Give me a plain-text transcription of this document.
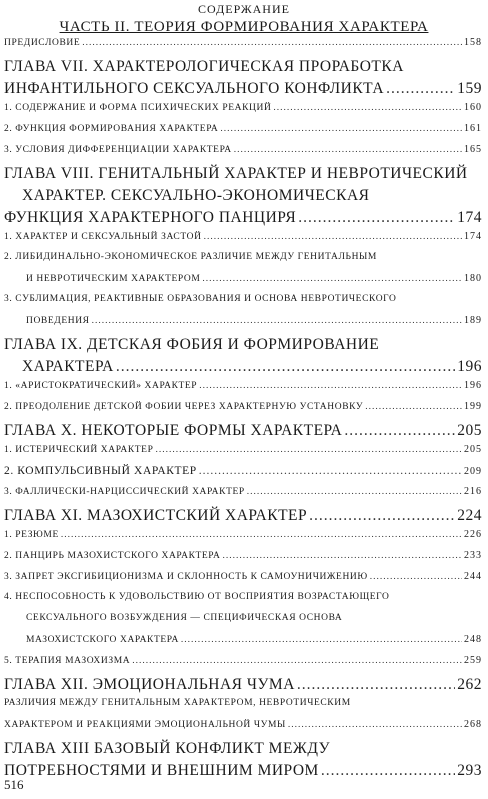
СОДЕРЖАНИЕ
ЧАСТЬ II. ТЕОРИЯ ФОРМИРОВАНИЯ ХАРАКТЕРА
ПРЕДИСЛОВИЕ .....	158
ГЛАВА VII. ХАРАКТЕРОЛОГИЧЕСКАЯ ПРОРАБОТКА
ИНФАНТИЛЬНОГО СЕКСУАЛЬНОГО КОНФЛИКТА .....	159
1. СОДЕРЖАНИЕ И ФОРМА ПСИХИЧЕСКИХ РЕАКЦИЙ .....	160
2. ФУНКЦИЯ ФОРМИРОВАНИЯ ХАРАКТЕРА .....	161
3. УСЛОВИЯ ДИФФЕРЕНЦИАЦИИ ХАРАКТЕРА .....	165
ГЛАВА VIII. ГЕНИТАЛЬНЫЙ ХАРАКТЕР И НЕВРОТИЧЕСКИЙ
ХАРАКТЕР. СЕКСУАЛЬНО-ЭКОНОМИЧЕСКАЯ
ФУНКЦИЯ ХАРАКТЕРНОГО ПАНЦИРЯ .....	174
1. ХАРАКТЕР И СЕКСУАЛЬНЫЙ ЗАСТОЙ .....	174
2. ЛИБИДИНАЛЬНО-ЭКОНОМИЧЕСКОЕ РАЗЛИЧИЕ МЕЖДУ ГЕНИТАЛЬНЫМ
И НЕВРОТИЧЕСКИМ ХАРАКТЕРОМ .....	180
3. СУБЛИМАЦИЯ, РЕАКТИВНЫЕ ОБРАЗОВАНИЯ И ОСНОВА НЕВРОТИЧЕСКОГО
ПОВЕДЕНИЯ .....	189
ГЛАВА IX. ДЕТСКАЯ ФОБИЯ И ФОРМИРОВАНИЕ
ХАРАКТЕРА .....	196
1. «АРИСТОКРАТИЧЕСКИЙ» ХАРАКТЕР .....	196
2. ПРЕОДОЛЕНИЕ ДЕТСКОЙ ФОБИИ ЧЕРЕЗ ХАРАКТЕРНУЮ УСТАНОВКУ .....	199
ГЛАВА X. НЕКОТОРЫЕ ФОРМЫ ХАРАКТЕРА .....	205
1. ИСТЕРИЧЕСКИЙ ХАРАКТЕР .....	205
2. КОМПУЛЬСИВНЫЙ ХАРАКТЕР .....	209
3. ФАЛЛИЧЕСКИ-НАРЦИССИЧЕСКИЙ ХАРАКТЕР .....	216
ГЛАВА XI. МАЗОХИСТСКИЙ ХАРАКТЕР .....	224
1. РЕЗЮМЕ .....	226
2. ПАНЦИРЬ МАЗОХИСТСКОГО ХАРАКТЕРА .....	233
3. ЗАПРЕТ ЭКСГИБИЦИОНИЗМА И СКЛОННОСТЬ К САМОУНИЧИЖЕНИЮ .....	244
4. НЕСПОСОБНОСТЬ К УДОВОЛЬСТВИЮ ОТ ВОСПРИЯТИЯ ВОЗРАСТАЮЩЕГО
СЕКСУАЛЬНОГО ВОЗБУЖДЕНИЯ — СПЕЦИФИЧЕСКАЯ ОСНОВА
МАЗОХИСТСКОГО ХАРАКТЕРА .....	248
5. ТЕРАПИЯ МАЗОХИЗМА .....	259
ГЛАВА XII. ЭМОЦИОНАЛЬНАЯ ЧУМА .....	262
РАЗЛИЧИЯ МЕЖДУ ГЕНИТАЛЬНЫМ ХАРАКТЕРОМ, НЕВРОТИЧЕСКИМ
ХАРАКТЕРОМ И РЕАКЦИЯМИ ЭМОЦИОНАЛЬНОЙ ЧУМЫ .....	268
ГЛАВА XIII БАЗОВЫЙ КОНФЛИКТ МЕЖДУ
ПОТРЕБНОСТЯМИ И ВНЕШНИМ МИРОМ .....	293
516
